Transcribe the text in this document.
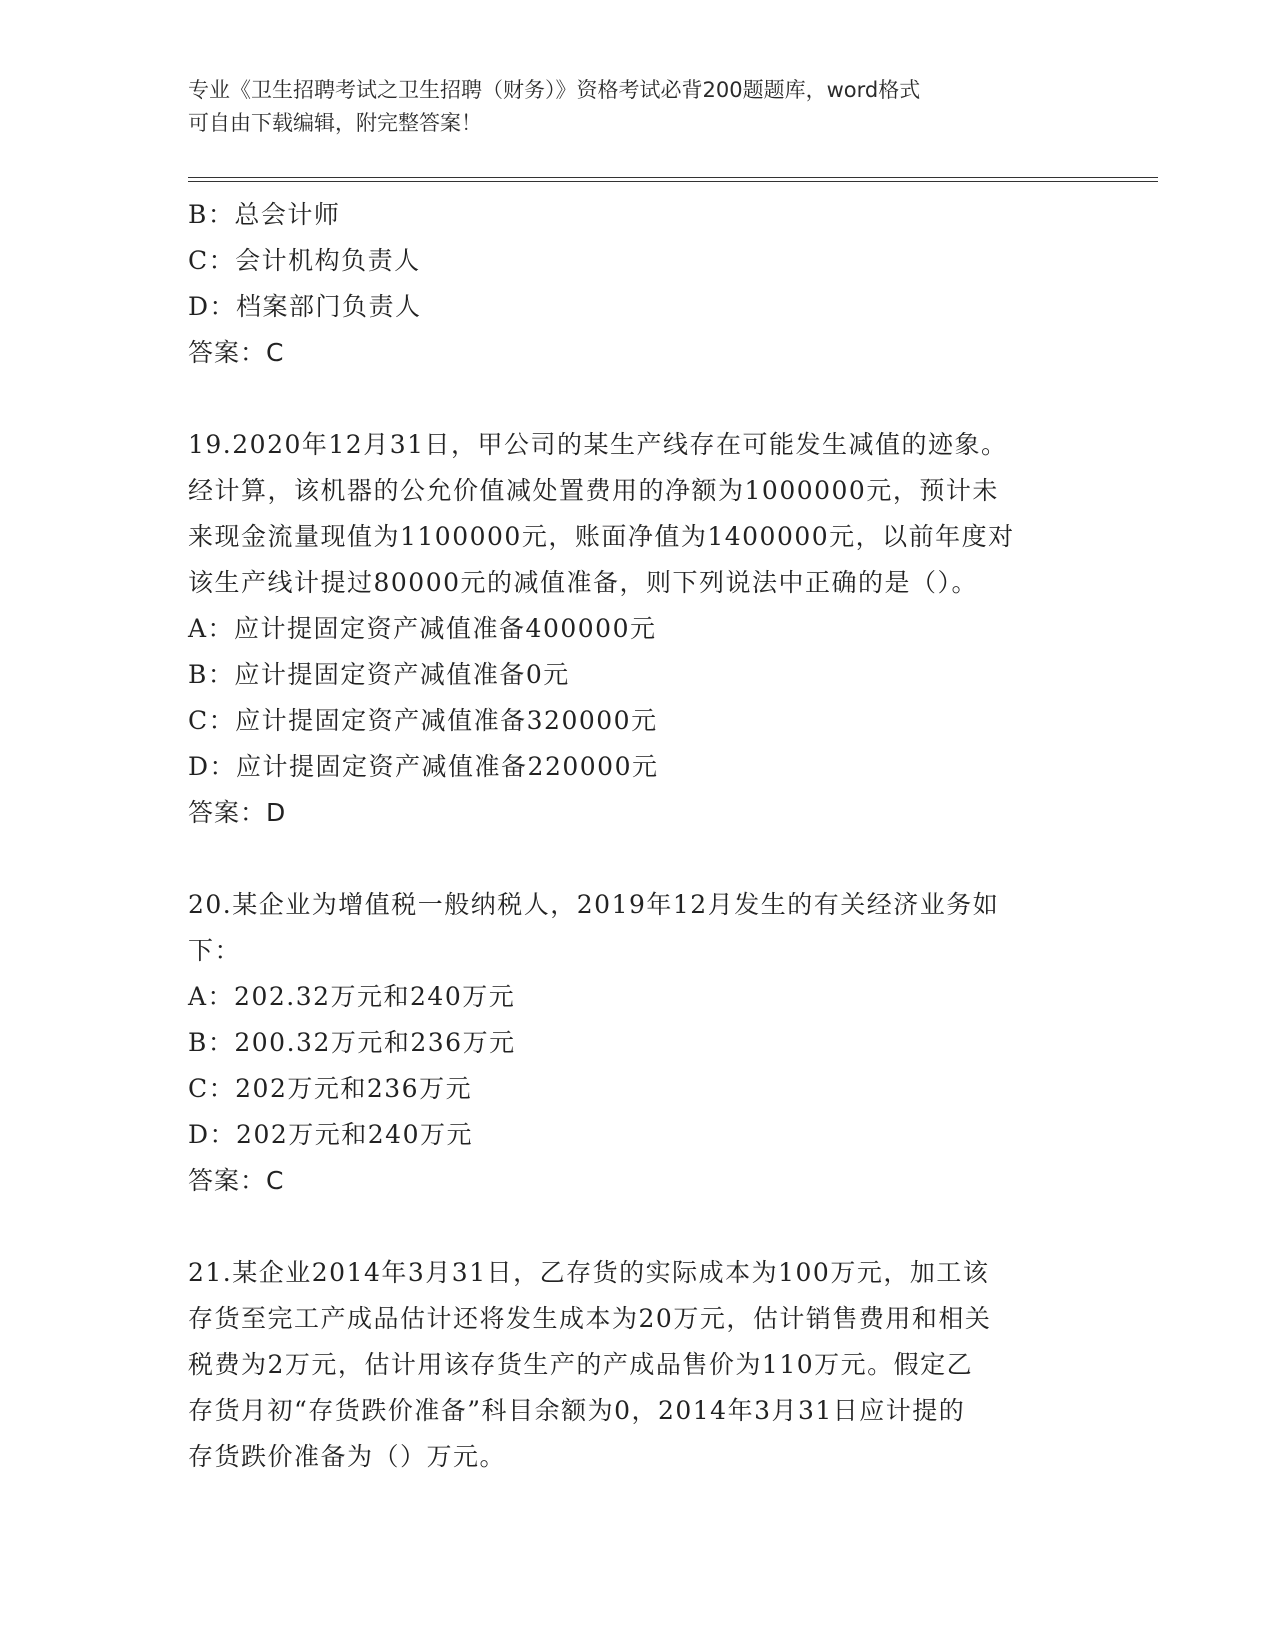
专业《卫生招聘考试之卫生招聘（财务）》资格考试必背200题题库，word格式
可自由下载编辑，附完整答案！
B：总会计师
C：会计机构负责人
D：档案部门负责人
答案：C
19.2020年12月31日，甲公司的某生产线存在可能发生减值的迹象。
经计算，该机器的公允价值减处置费用的净额为1000000元，预计未
来现金流量现值为1100000元，账面净值为1400000元，以前年度对
该生产线计提过80000元的减值准备，则下列说法中正确的是（）。
A：应计提固定资产减值准备400000元
B：应计提固定资产减值准备0元
C：应计提固定资产减值准备320000元
D：应计提固定资产减值准备220000元
答案：D
20.某企业为增值税一般纳税人，2019年12月发生的有关经济业务如
下：
A：202.32万元和240万元
B：200.32万元和236万元
C：202万元和236万元
D：202万元和240万元
答案：C
21.某企业2014年3月31日，乙存货的实际成本为100万元，加工该
存货至完工产成品估计还将发生成本为20万元，估计销售费用和相关
税费为2万元，估计用该存货生产的产成品售价为110万元。假定乙
存货月初“存货跌价准备”科目余额为0，2014年3月31日应计提的
存货跌价准备为（）万元。
